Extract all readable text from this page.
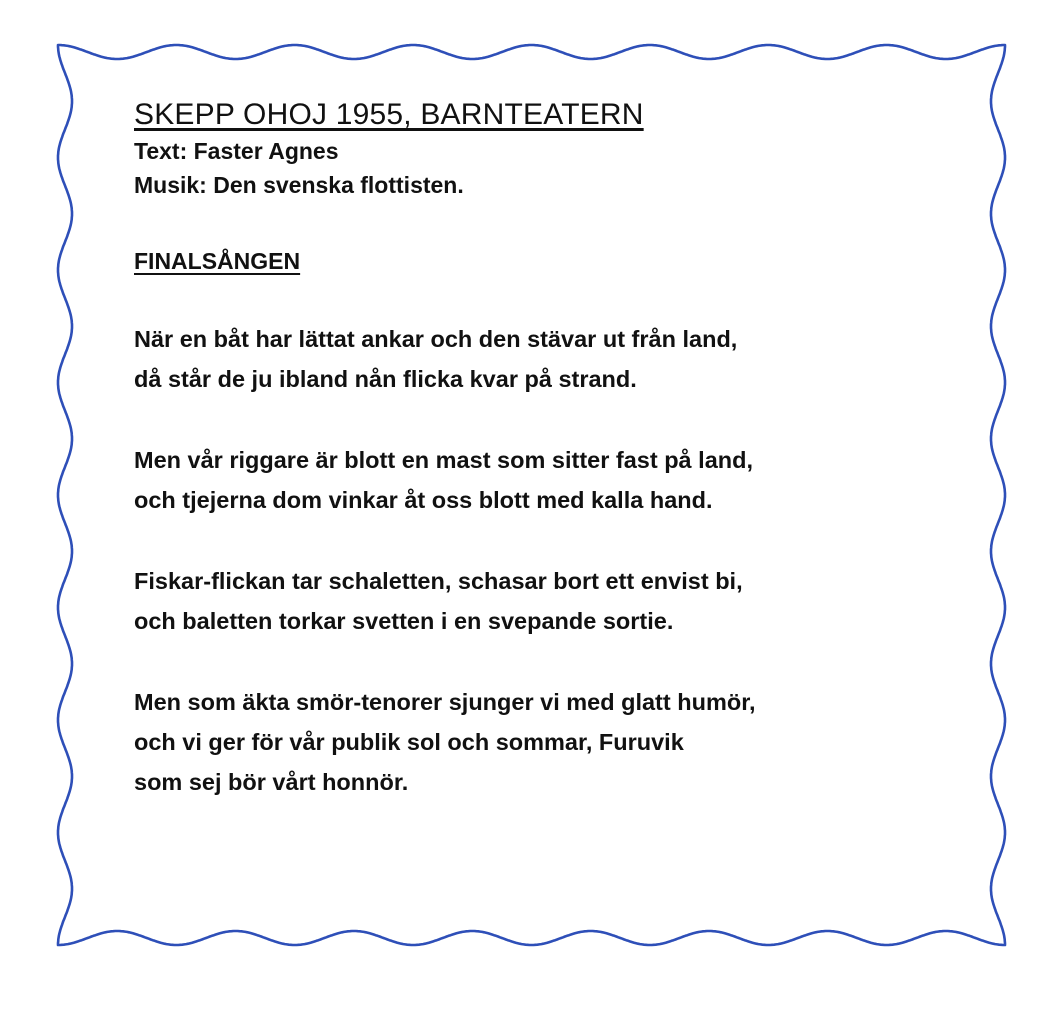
SKEPP OHOJ 1955, BARNTEATERN
Text: Faster Agnes
Musik: Den svenska flottisten.
FINALSÅNGEN
När en båt har lättat ankar och den stävar ut från land,
då står de ju ibland nån flicka kvar på strand.
Men vår riggare är blott en mast som sitter fast på land,
och tjejerna dom vinkar åt oss blott med kalla hand.
Fiskar-flickan tar schaletten, schasar bort ett envist bi,
och baletten torkar svetten i en svepande sortie.
Men som äkta smör-tenorer sjunger vi med glatt humör,
och vi ger för vår publik sol och sommar, Furuvik
som sej bör vårt honnör.
